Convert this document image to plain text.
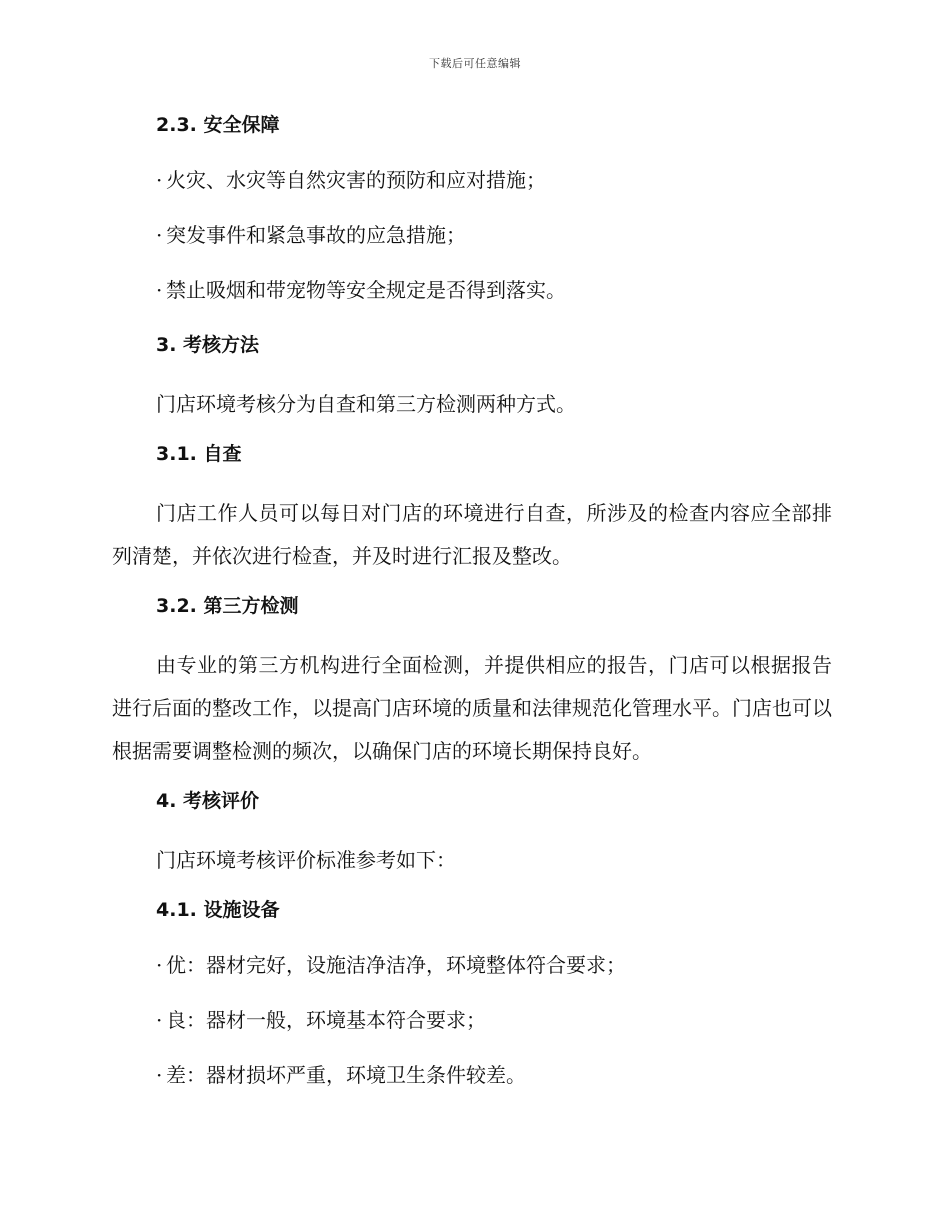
下载后可任意编辑
2.3. 安全保障

· 火灾、水灾等自然灾害的预防和应对措施；

· 突发事件和紧急事故的应急措施；

· 禁止吸烟和带宠物等安全规定是否得到落实。

3. 考核方法

门店环境考核分为自查和第三方检测两种方式。

3.1. 自查

门店工作人员可以每日对门店的环境进行自查，所涉及的检查内容应全部排列清楚，并依次进行检查，并及时进行汇报及整改。

3.2. 第三方检测

由专业的第三方机构进行全面检测，并提供相应的报告，门店可以根据报告进行后面的整改工作，以提高门店环境的质量和法律规范化管理水平。门店也可以根据需要调整检测的频次，以确保门店的环境长期保持良好。

4. 考核评价

门店环境考核评价标准参考如下：

4.1. 设施设备

· 优：器材完好，设施洁净洁净，环境整体符合要求；

· 良：器材一般，环境基本符合要求；

· 差：器材损坏严重，环境卫生条件较差。
